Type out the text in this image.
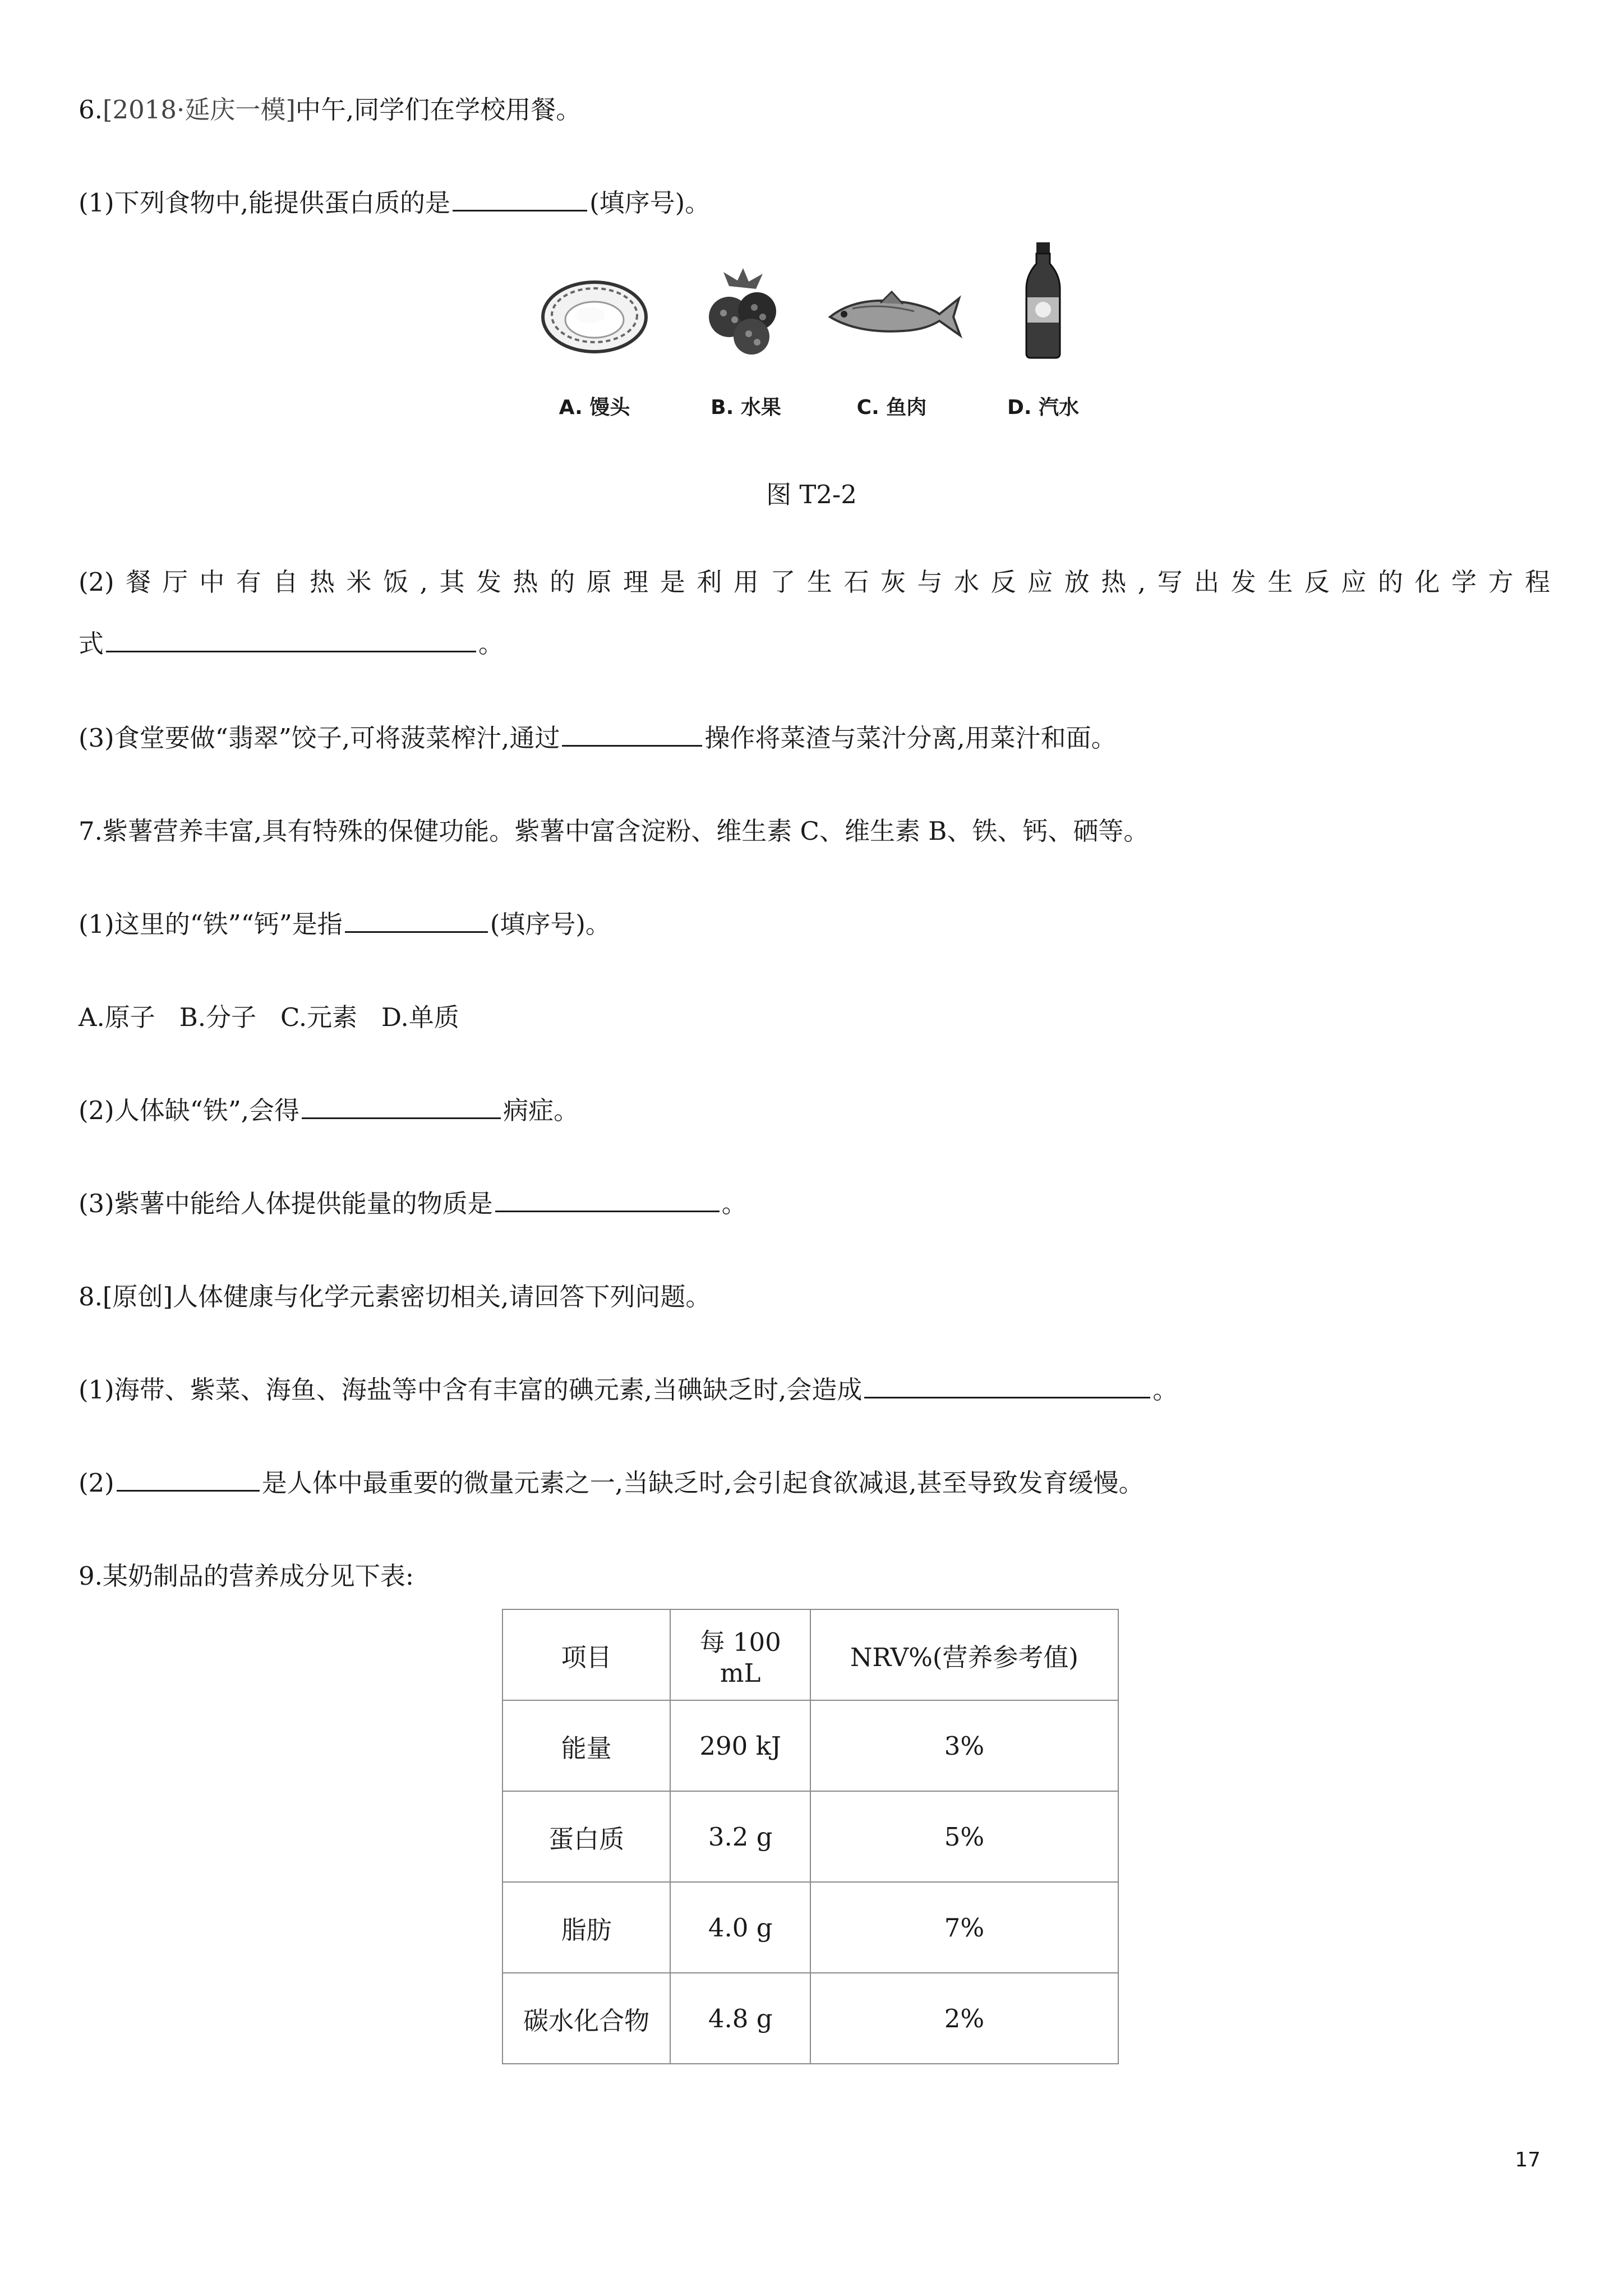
6.[2018·延庆一模]中午,同学们在学校用餐。
(1)下列食物中,能提供蛋白质的是	(填序号)。
A. 馒头	B. 水果	C. 鱼肉	D. 汽水
图 T2-2
(2)餐厅中有自热米饭,其发热的原理是利用了生石灰与水反应放热,写出发生反应的化学方程
式	。
(3)食堂要做“翡翠”饺子,可将菠菜榨汁,通过	操作将菜渣与菜汁分离,用菜汁和面。
7.紫薯营养丰富,具有特殊的保健功能。紫薯中富含淀粉、维生素 C、维生素 B、铁、钙、硒等。
(1)这里的“铁”“钙”是指	(填序号)。
A.原子   B.分子   C.元素   D.单质
(2)人体缺“铁”,会得	病症。
(3)紫薯中能给人体提供能量的物质是	。
8.[原创]人体健康与化学元素密切相关,请回答下列问题。
(1)海带、紫菜、海鱼、海盐等中含有丰富的碘元素,当碘缺乏时,会造成	。
(2)	是人体中最重要的微量元素之一,当缺乏时,会引起食欲减退,甚至导致发育缓慢。
9.某奶制品的营养成分见下表:
项目	每 100 mL	NRV%(营养参考值)
能量	290 kJ	3%
蛋白质	3.2 g	5%
脂肪	4.0 g	7%
碳水化合物	4.8 g	2%
17
